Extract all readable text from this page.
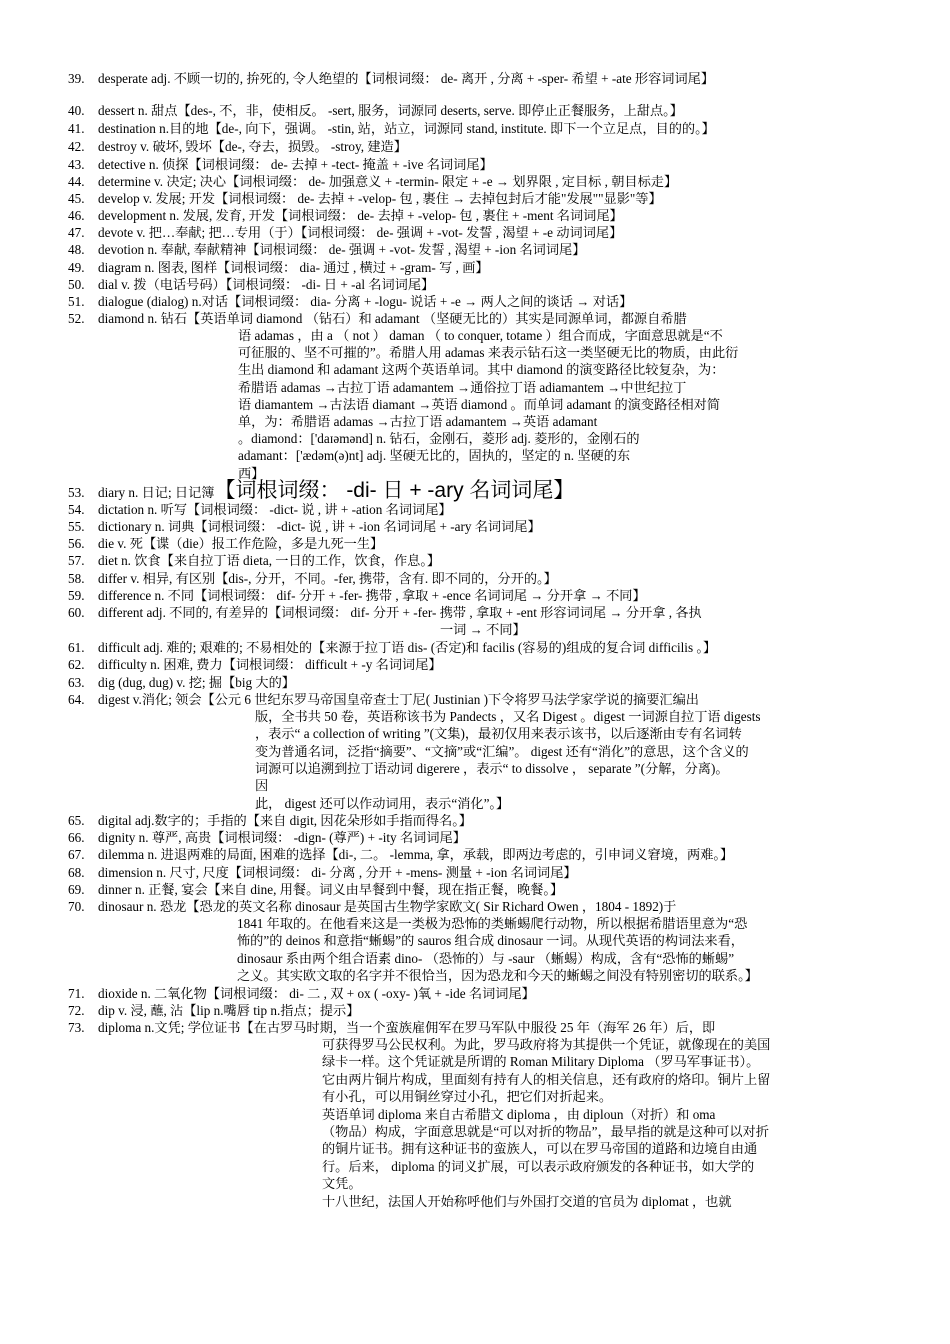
39. desperate adj. 不顾一切的, 拚死的, 令人绝望的【词根词缀： de- 离开 , 分离 + -sper- 希望 + -ate 形容词词尾】
40. dessert n. 甜点【des-, 不，非，使相反。 -sert, 服务，词源同 deserts, serve. 即停止正餐服务，上甜点。】
41. destination n.目的地【de-, 向下，强调。 -stin, 站，站立，词源同 stand, institute. 即下一个立足点，目的的。】
42. destroy v. 破坏, 毁坏【de-, 夺去，损毁。 -stroy, 建造】
43. detective n. 侦探【词根词缀： de- 去掉 + -tect- 掩盖 + -ive 名词词尾】
44. determine v. 决定; 决心【词根词缀： de- 加强意义 + -termin- 限定 + -e → 划界限 , 定目标 , 朝目标走】
45. develop v. 发展; 开发【词根词缀： de- 去掉 + -velop- 包 , 裹住 → 去掉包封后才能"发展""显影"等】
46. development n. 发展, 发育, 开发【词根词缀： de- 去掉 + -velop- 包 , 裹住 + -ment 名词词尾】
47. devote v. 把…奉献; 把…专用（于）【词根词缀： de- 强调 + -vot- 发誓 , 渴望 + -e 动词词尾】
48. devotion n. 奉献, 奉献精神【词根词缀： de- 强调 + -vot- 发誓 , 渴望 + -ion 名词词尾】
49. diagram n. 图表, 图样【词根词缀： dia- 通过 , 横过 + -gram- 写 , 画】
50. dial v. 拨（电话号码）【词根词缀： -di- 日 + -al 名词词尾】
51. dialogue (dialog) n.对话【词根词缀： dia- 分离 + -logu- 说话 + -e → 两人之间的谈话 → 对话】
52. diamond n. 钻石【英语单词 diamond （钻石）和 adamant （坚硬无比的）其实是同源单词，都源自希腊
53. diary n. 日记; 日记簿【词根词缀： -di- 日 + -ary 名词词尾】
54. dictation n. 听写【词根词缀： -dict- 说 , 讲 + -ation 名词词尾】
55. dictionary n. 词典【词根词缀： -dict- 说 , 讲 + -ion 名词词尾 + -ary 名词词尾】
56. die v. 死【谍（die）报工作危险，多是九死一生】
57. diet n. 饮食【来自拉丁语 dieta, 一日的工作，饮食，作息。】
58. differ v. 相异, 有区别【dis-, 分开，不同。-fer, 携带，含有. 即不同的，分开的。】
59. difference n. 不同【词根词缀： dif- 分开 + -fer- 携带 , 拿取 + -ence 名词词尾 → 分开拿 → 不同】
60. different adj. 不同的, 有差异的【词根词缀： dif- 分开 + -fer- 携带 , 拿取 + -ent 形容词词尾 → 分开拿 , 各执
61. difficult adj. 难的; 艰难的; 不易相处的【来源于拉丁语 dis- (否定)和 facilis (容易的)组成的复合词 difficilis 。】
62. difficulty n. 困难, 费力【词根词缀： difficult + -y 名词词尾】
63. dig (dug, dug) v. 挖; 掘【big 大的】
64. digest v.消化; 领会【公元 6 世纪东罗马帝国皇帝查士丁尼( Justinian )下令将罗马法学家学说的摘要汇编出
65. digital adj.数字的；手指的【来自 digit, 因花朵形如手指而得名。】
66. dignity n. 尊严, 高贵【词根词缀： -dign- (尊严) + -ity 名词词尾】
67. dilemma n. 进退两难的局面, 困难的选择【di-, 二。 -lemma, 拿，承载，即两边考虑的，引申词义窘境，两难。】
68. dimension n. 尺寸, 尺度【词根词缀： di- 分离 , 分开 + -mens- 测量 + -ion 名词词尾】
69. dinner n. 正餐, 宴会【来自 dine, 用餐。词义由早餐到中餐，现在指正餐，晚餐。】
70. dinosaur n. 恐龙【恐龙的英文名称 dinosaur 是英国古生物学家欧文( Sir Richard Owen ，1804 - 1892)于
71. dioxide n. 二氧化物【词根词缀： di- 二 , 双 + ox ( -oxy- )氧 + -ide 名词词尾】
72. dip v. 浸, 蘸, 沾【lip n.嘴唇 tip n.指点；提示】
73. diploma n.文凭; 学位证书【在古罗马时期，当一个蛮族雇佣军在罗马军队中服役 25 年（海军 26 年）后，即
语 adamas ，由 a （ not ） daman （ to conquer, totame ）组合而成，字面意思就是“不
可征服的、坚不可摧的”。希腊人用 adamas 来表示钻石这一类坚硬无比的物质，由此衍
生出 diamond 和 adamant 这两个英语单词。其中 diamond 的演变路径比较复杂，为：
希腊语 adamas →古拉丁语 adamantem →通俗拉丁语 adiamantem →中世纪拉丁
语 diamantem →古法语 diamant →英语 diamond 。而单词 adamant 的演变路径相对简
单，为：希腊语 adamas →古拉丁语 adamantem →英语 adamant
。diamond：['daɪəmənd] n. 钻石，金刚石，菱形 adj. 菱形的，金刚石的
adamant：['ædəm(ə)nt] adj. 坚硬无比的，固执的，坚定的 n. 坚硬的东
西】
一词 → 不同】
版，全书共 50 卷，英语称该书为 Pandects ，又名 Digest 。digest 一词源自拉丁语 digests
，表示“ a collection of writing ”(文集)，最初仅用来表示该书，以后逐渐由专有名词转
变为普通名词，泛指“摘要”、“文摘”或“汇编”。 digest 还有“消化”的意思，这个含义的
词源可以追溯到拉丁语动词 digerere ，表示“ to dissolve ， separate ”(分解，分离)。
因
此， digest 还可以作动词用，表示“消化”。】
1841 年取的。在他看来这是一类极为恐怖的类蜥蜴爬行动物，所以根据希腊语里意为“恐
怖的”的 deinos 和意指“蜥蜴”的 sauros 组合成 dinosaur 一词。从现代英语的构词法来看，
dinosaur 系由两个组合语素 dino- （恐怖的）与 -saur （蜥蜴）构成，含有“恐怖的蜥蜴”
之义。其实欧文取的名字并不很恰当，因为恐龙和今天的蜥蜴之间没有特别密切的联系。】
可获得罗马公民权利。为此，罗马政府将为其提供一个凭证，就像现在的美国
绿卡一样。这个凭证就是所谓的 Roman Military Diploma （罗马军事证书）。
它由两片铜片构成，里面刻有持有人的相关信息，还有政府的烙印。铜片上留
有小孔，可以用铜丝穿过小孔，把它们对折起来。
英语单词 diploma 来自古希腊文 diploma ，由 diploun（对折）和 oma
（物品）构成，字面意思就是“可以对折的物品”，最早指的就是这种可以对折
的铜片证书。拥有这种证书的蛮族人，可以在罗马帝国的道路和边境自由通
行。后来， diploma 的词义扩展，可以表示政府颁发的各种证书，如大学的
文凭。
十八世纪，法国人开始称呼他们与外国打交道的官员为 diplomat ，也就
